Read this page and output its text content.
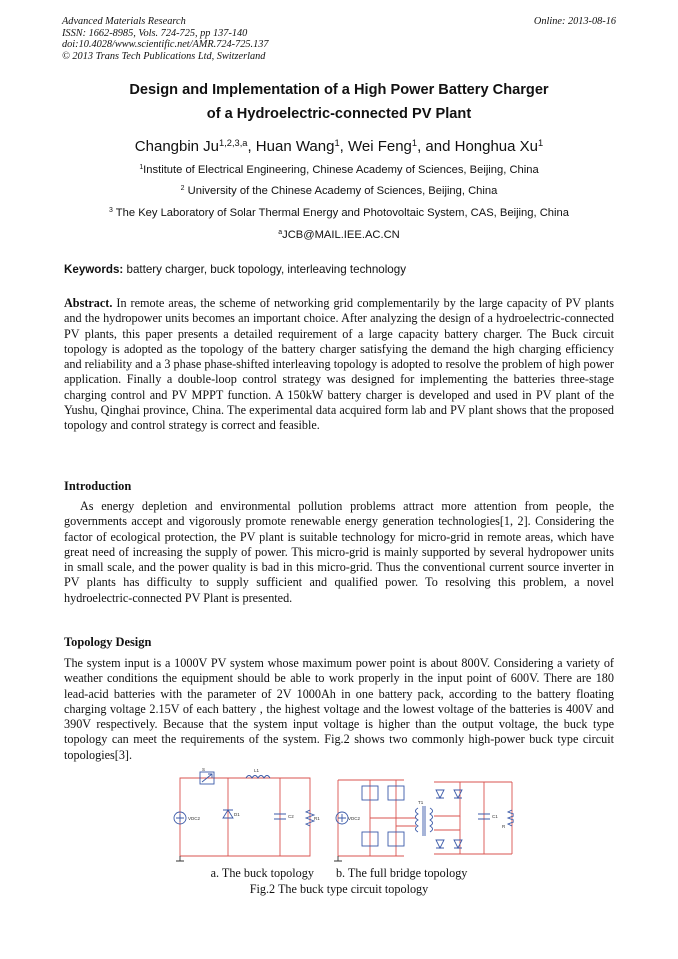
Advanced Materials Research
ISSN: 1662-8985, Vols. 724-725, pp 137-140
doi:10.4028/www.scientific.net/AMR.724-725.137
© 2013 Trans Tech Publications Ltd, Switzerland
Online: 2013-08-16
Design and Implementation of a High Power Battery Charger
of a Hydroelectric-connected PV Plant
Changbin Ju$^{1,2,3,a}$, Huan Wang$^1$, Wei Feng$^1$, and Honghua Xu$^1$
$^1$Institute of Electrical Engineering, Chinese Academy of Sciences, Beijing, China
$^2$ University of the Chinese Academy of Sciences, Beijing, China
$^3$ The Key Laboratory of Solar Thermal Energy and Photovoltaic System, CAS, Beijing, China
$^a$JCB@MAIL.IEE.AC.CN
Keywords: battery charger, buck topology, interleaving technology
Abstract. In remote areas, the scheme of networking grid complementarily by the large capacity of PV plants and the hydropower units becomes an important choice. After analyzing the design of a hydroelectric-connected PV plants, this paper presents a detailed requirement of a large capacity battery charger. The Buck circuit topology is adopted as the topology of the battery charger satisfying the demand the high charging efficiency and reliability and a 3 phase phase-shifted interleaving topology is adopted to resolve the problem of high power application. Finally a double-loop control strategy was designed for implementing the batteries three-stage charging control and PV MPPT function. A 150kW battery charger is developed and used in PV plant of the Yushu, Qinghai province, China. The experimental data acquired form lab and PV plant shows that the proposed topology and control strategy is correct and feasible.
Introduction
As energy depletion and environmental pollution problems attract more attention from people, the governments accept and vigorously promote renewable energy generation technologies[1, 2]. Considering the factor of ecological protection, the PV plant is suitable technology for micro-grid in remote areas, which have great need of increasing the supply of power. This micro-grid is mainly supported by several hydropower units in small scale, and the power quality is bad in this micro-grid. Thus the conventional current source inverter in PV plants has difficulty to supply sufficient and qualified power. To resolving this problem, a novel hydroelectric-connected PV Plant is presented.
Topology Design
The system input is a 1000V PV system whose maximum power point is about 800V. Considering a variety of weather conditions the equipment should be able to work properly in the input point of 600V. There are 180 lead-acid batteries with the parameter of 2V 1000Ah in one battery pack, according to the battery floating charging voltage 2.15V of each battery , the highest voltage and the lowest voltage of the batteries is 400V and 390V respectively. Because that the system input voltage is higher than the output voltage, the buck type topology can meet the requirements of the system. Fig.2 shows two commonly high-power buck type circuit topologies[3].
VDC2
S	L1
D1	C2	R1	VDC2
T1
C1
R
a. The buck topology b. The full bridge topology
Fig.2 The buck type circuit topology
